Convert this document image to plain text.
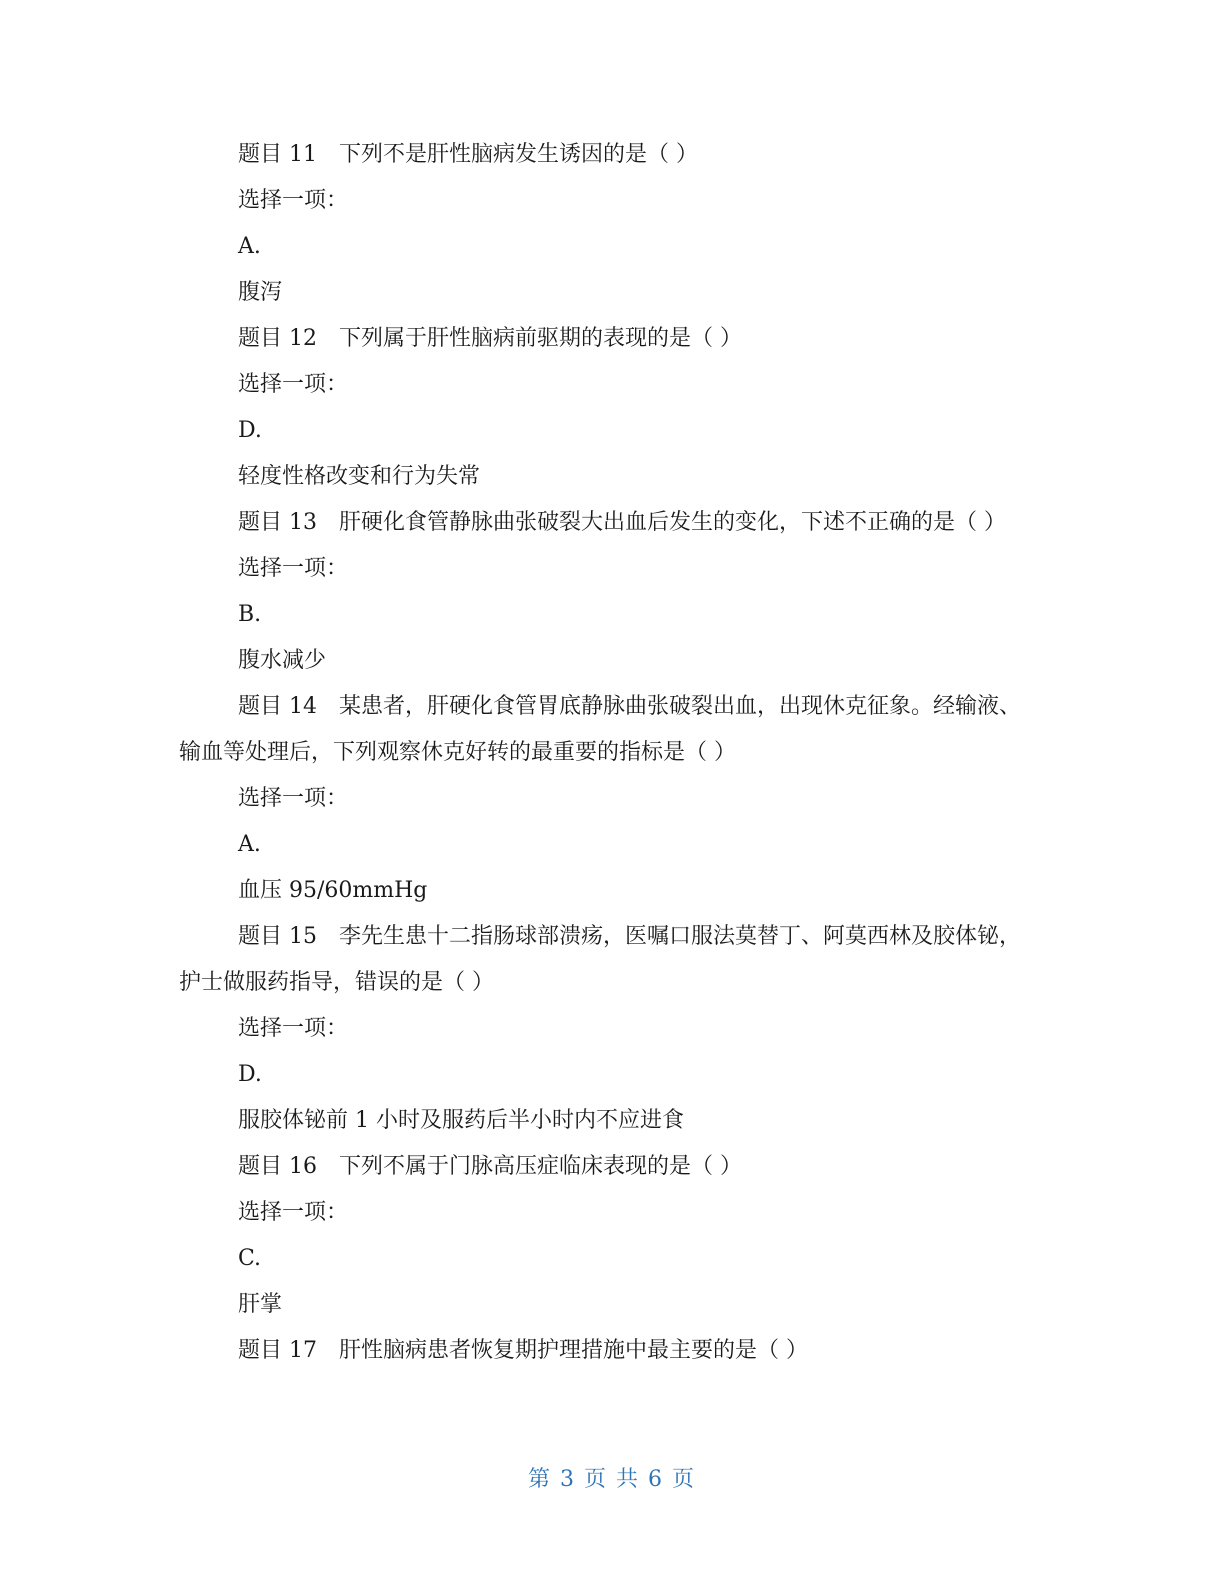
题目 11 下列不是肝性脑病发生诱因的是（ ）
选择一项：
A.
腹泻
题目 12 下列属于肝性脑病前驱期的表现的是（ ）
选择一项：
D.
轻度性格改变和行为失常
题目 13 肝硬化食管静脉曲张破裂大出血后发生的变化，下述不正确的是（ ）
选择一项：
B.
腹水减少
题目 14 某患者，肝硬化食管胃底静脉曲张破裂出血，出现休克征象。经输液、输血等处理后，下列观察休克好转的最重要的指标是（ ）
选择一项：
A.
血压 95/60mmHg
题目 15 李先生患十二指肠球部溃疡，医嘱口服法莫替丁、阿莫西林及胶体铋，护士做服药指导，错误的是（ ）
选择一项：
D.
服胶体铋前 1 小时及服药后半小时内不应进食
题目 16 下列不属于门脉高压症临床表现的是（ ）
选择一项：
C.
肝掌
题目 17 肝性脑病患者恢复期护理措施中最主要的是（ ）
第 3 页 共 6 页
